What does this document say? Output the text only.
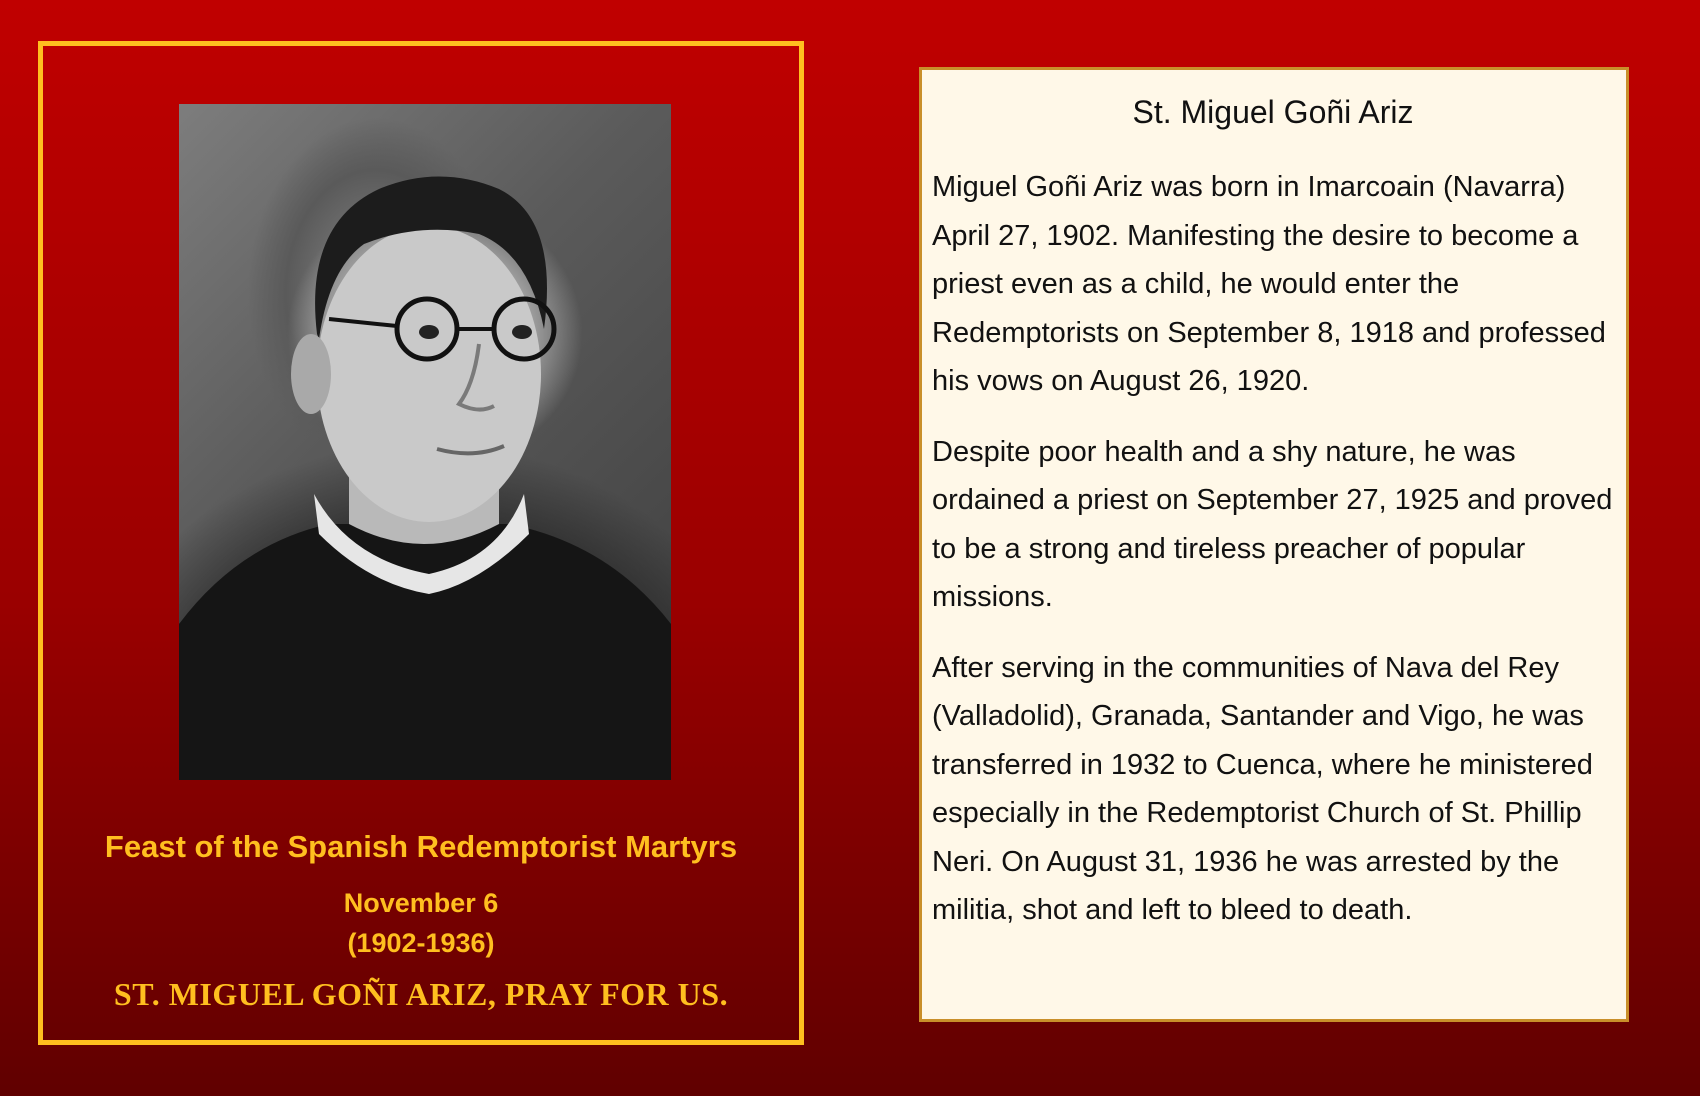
Feast of the Spanish Redemptorist Martyrs
November 6
(1902-1936)
ST. MIGUEL GOÑI ARIZ, PRAY FOR US.
St. Miguel Goñi Ariz

Miguel Goñi Ariz was born in Imarcoain (Navarra) April 27, 1902. Manifesting the desire to become a priest even as a child, he would enter the Redemptorists on September 8, 1918 and professed his vows on August 26, 1920.

Despite poor health and a shy nature, he was ordained a priest on September 27, 1925 and proved to be a strong and tireless preacher of popular missions.

After serving in the communities of Nava del Rey (Valladolid), Granada, Santander and Vigo, he was transferred in 1932 to Cuenca, where he ministered especially in the Redemptorist Church of St. Phillip Neri. On August 31, 1936 he was arrested by the militia, shot and left to bleed to death.
